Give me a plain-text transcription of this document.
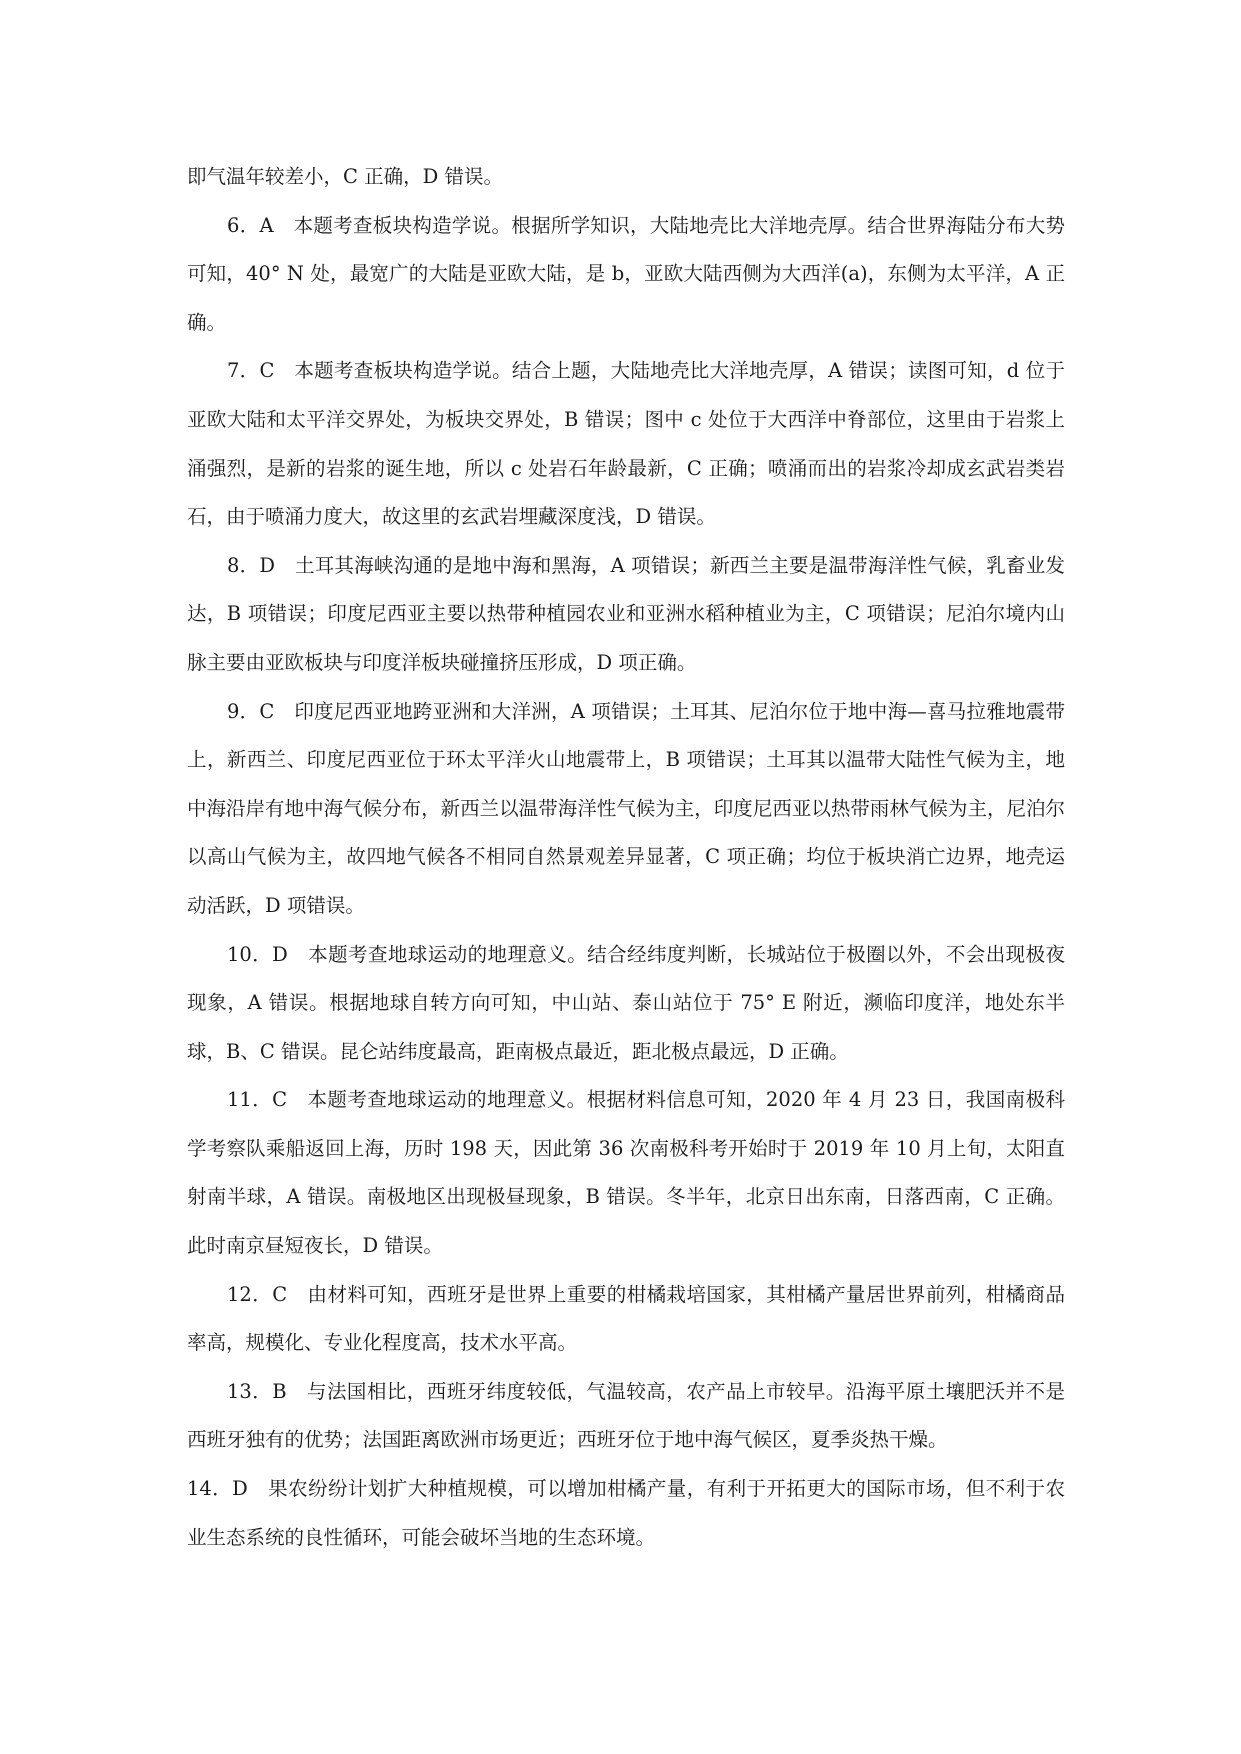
即气温年较差小，C 正确，D 错误。

6．A　本题考查板块构造学说。根据所学知识，大陆地壳比大洋地壳厚。结合世界海陆分布大势可知，40° N 处，最宽广的大陆是亚欧大陆，是 b，亚欧大陆西侧为大西洋(a)，东侧为太平洋，A 正确。

7．C　本题考查板块构造学说。结合上题，大陆地壳比大洋地壳厚，A 错误；读图可知，d 位于亚欧大陆和太平洋交界处，为板块交界处，B 错误；图中 c 处位于大西洋中脊部位，这里由于岩浆上涌强烈，是新的岩浆的诞生地，所以 c 处岩石年龄最新，C 正确；喷涌而出的岩浆冷却成玄武岩类岩石，由于喷涌力度大，故这里的玄武岩埋藏深度浅，D 错误。

8．D　土耳其海峡沟通的是地中海和黑海，A 项错误；新西兰主要是温带海洋性气候，乳畜业发达，B 项错误；印度尼西亚主要以热带种植园农业和亚洲水稻种植业为主，C 项错误；尼泊尔境内山脉主要由亚欧板块与印度洋板块碰撞挤压形成，D 项正确。

9．C　印度尼西亚地跨亚洲和大洋洲，A 项错误；土耳其、尼泊尔位于地中海—喜马拉雅地震带上，新西兰、印度尼西亚位于环太平洋火山地震带上，B 项错误；土耳其以温带大陆性气候为主，地中海沿岸有地中海气候分布，新西兰以温带海洋性气候为主，印度尼西亚以热带雨林气候为主，尼泊尔以高山气候为主，故四地气候各不相同自然景观差异显著，C 项正确；均位于板块消亡边界，地壳运动活跃，D 项错误。

10．D　本题考查地球运动的地理意义。结合经纬度判断，长城站位于极圈以外，不会出现极夜现象，A 错误。根据地球自转方向可知，中山站、泰山站位于 75° E 附近，濒临印度洋，地处东半球，B、C 错误。昆仑站纬度最高，距南极点最近，距北极点最远，D 正确。

11．C　本题考查地球运动的地理意义。根据材料信息可知，2020 年 4 月 23 日，我国南极科学考察队乘船返回上海，历时 198 天，因此第 36 次南极科考开始时于 2019 年 10 月上旬，太阳直射南半球，A 错误。南极地区出现极昼现象，B 错误。冬半年，北京日出东南，日落西南，C 正确。此时南京昼短夜长，D 错误。

12．C　由材料可知，西班牙是世界上重要的柑橘栽培国家，其柑橘产量居世界前列，柑橘商品率高，规模化、专业化程度高，技术水平高。

13．B　与法国相比，西班牙纬度较低，气温较高，农产品上市较早。沿海平原土壤肥沃并不是西班牙独有的优势；法国距离欧洲市场更近；西班牙位于地中海气候区，夏季炎热干燥。

14．D　果农纷纷计划扩大种植规模，可以增加柑橘产量，有利于开拓更大的国际市场，但不利于农业生态系统的良性循环，可能会破坏当地的生态环境。
